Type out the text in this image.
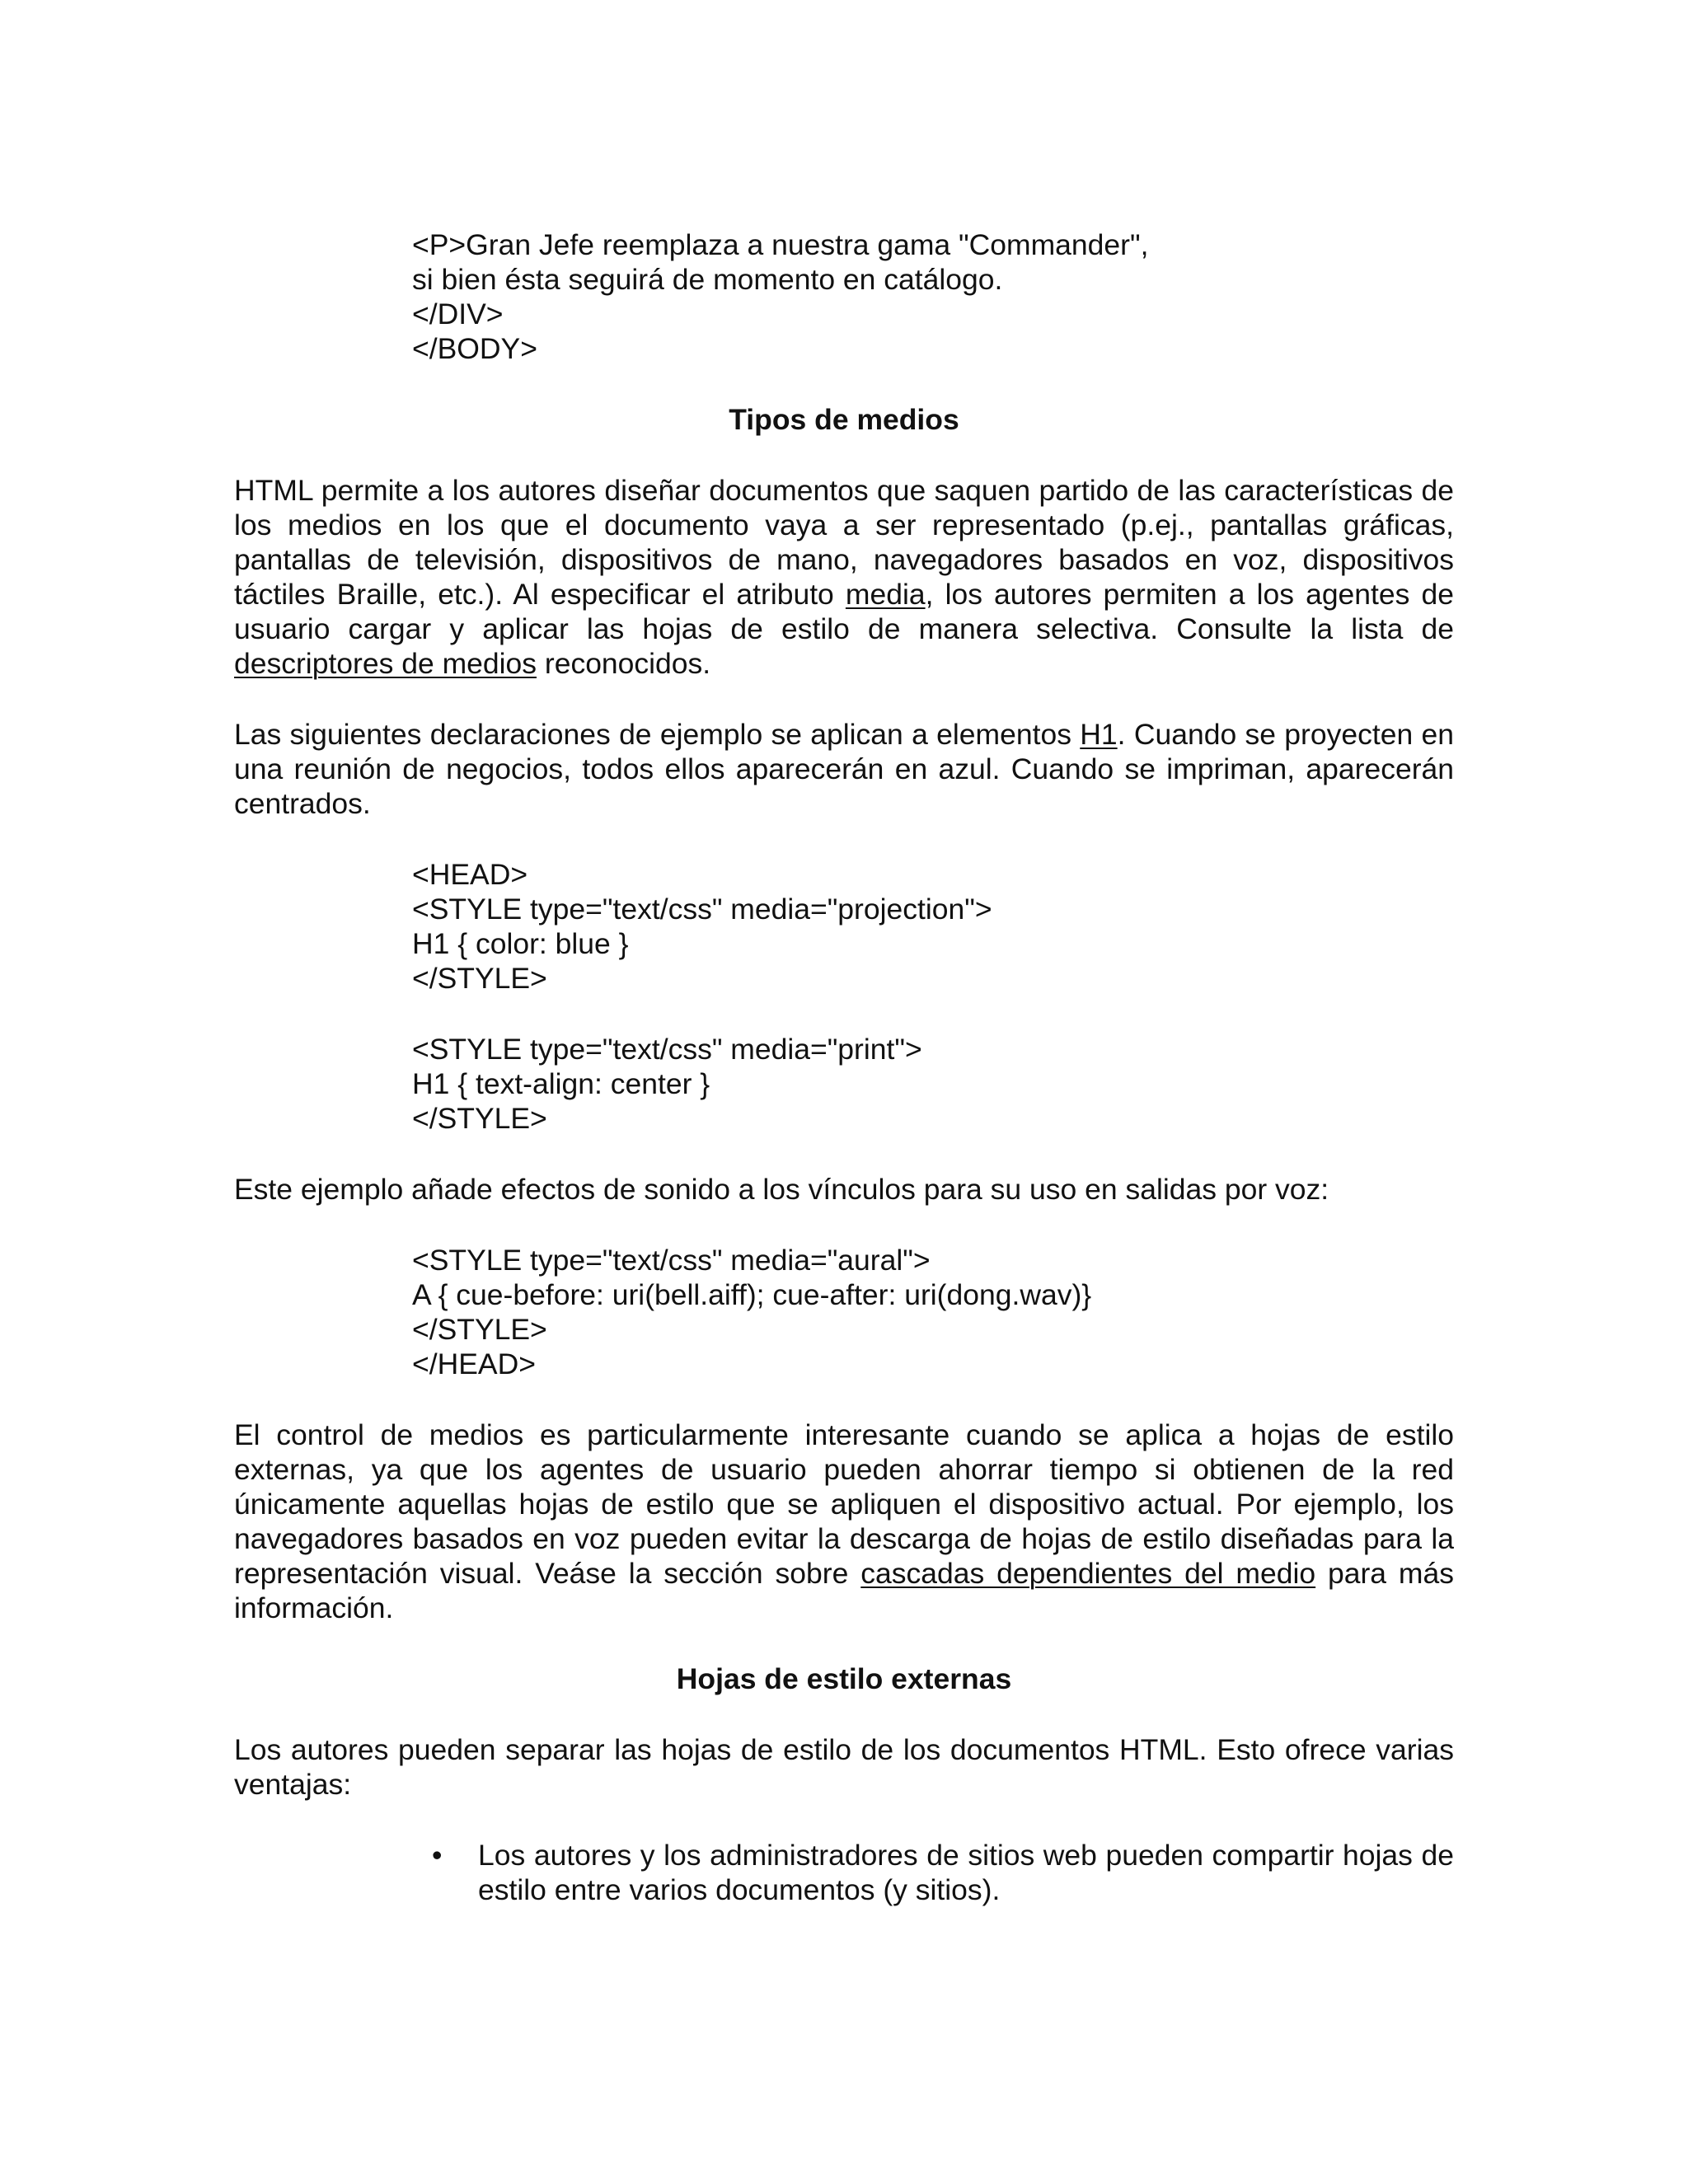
<P>Gran Jefe reemplaza a nuestra gama "Commander",
si bien ésta seguirá de momento en catálogo.
</DIV>
</BODY>
Tipos de medios

HTML permite a los autores diseñar documentos que saquen partido de las características de los medios en los que el documento vaya a ser representado (p.ej., pantallas gráficas, pantallas de televisión, dispositivos de mano, navegadores basados en voz, dispositivos táctiles Braille, etc.). Al especificar el atributo media, los autores permiten a los agentes de usuario cargar y aplicar las hojas de estilo de manera selectiva. Consulte la lista de descriptores de medios reconocidos.

Las siguientes declaraciones de ejemplo se aplican a elementos H1. Cuando se proyecten en una reunión de negocios, todos ellos aparecerán en azul. Cuando se impriman, aparecerán centrados.

<HEAD>
<STYLE type="text/css" media="projection">
H1 { color: blue }
</STYLE>
<STYLE type="text/css" media="print">
H1 { text-align: center }
</STYLE>

Este ejemplo añade efectos de sonido a los vínculos para su uso en salidas por voz:

<STYLE type="text/css" media="aural">
A { cue-before: uri(bell.aiff); cue-after: uri(dong.wav)}
</STYLE>
</HEAD>

El control de medios es particularmente interesante cuando se aplica a hojas de estilo externas, ya que los agentes de usuario pueden ahorrar tiempo si obtienen de la red únicamente aquellas hojas de estilo que se apliquen el dispositivo actual. Por ejemplo, los navegadores basados en voz pueden evitar la descarga de hojas de estilo diseñadas para la representación visual. Veáse la sección sobre cascadas dependientes del medio para más información.

Hojas de estilo externas

Los autores pueden separar las hojas de estilo de los documentos HTML. Esto ofrece varias ventajas:

•	Los autores y los administradores de sitios web pueden compartir hojas de estilo entre varios documentos (y sitios).
